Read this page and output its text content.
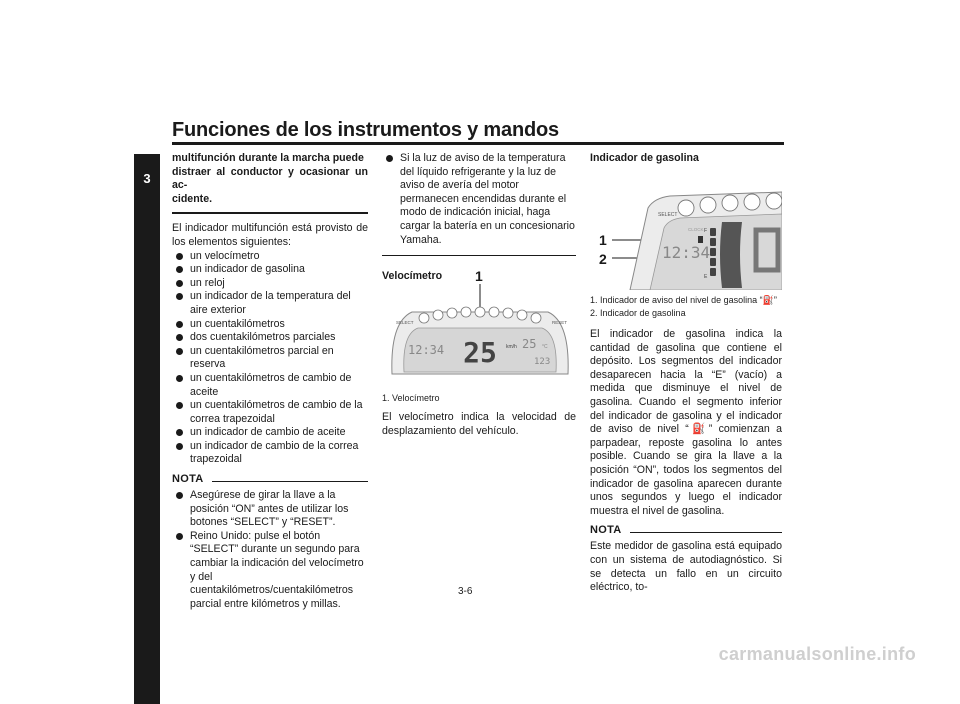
Funciones de los instrumentos y mandos
3

multifunción durante la marcha puede
distraer al conductor y ocasionar un ac-
cidente.

El indicador multifunción está provisto de los elementos siguientes:

un velocímetro
un indicador de gasolina
un reloj
un indicador de la temperatura del aire exterior
un cuentakilómetros
dos cuentakilómetros parciales
un cuentakilómetros parcial en reserva
un cuentakilómetros de cambio de aceite
un cuentakilómetros de cambio de la correa trapezoidal
un indicador de cambio de aceite
un indicador de cambio de la correa trapezoidal
NOTA
Asegúrese de girar la llave a la posición “ON” antes de utilizar los botones “SELECT” y “RESET”.
Reino Unido: pulse el botón “SELECT” durante un segundo para cambiar la indicación del velocímetro y del cuentakilómetros/cuentakilómetros parcial entre kilómetros y millas.
Si la luz de aviso de la temperatura del líquido refrigerante y la luz de aviso de avería del motor permanecen encendidas durante el modo de indicación inicial, haga cargar la batería en un concesionario Yamaha.

Velocímetro	1
SELECT	RESET
25 km/h
12:34	25 °C
123
1. Velocímetro

El velocímetro indica la velocidad de desplazamiento del vehículo.

Indicador de gasolina

1
2
SELECT
CLOCK
12:34
F
E
1. Indicador de aviso del nivel de gasolina “⛽”
2. Indicador de gasolina

El indicador de gasolina indica la cantidad de gasolina que contiene el depósito. Los segmentos del indicador desaparecen hacia la “E” (vacío) a medida que disminuye el nivel de gasolina. Cuando el segmento inferior del indicador de gasolina y el indicador de aviso de nivel “⛽” comienzan a parpadear, reposte gasolina lo antes posible. Cuando se gira la llave a la posición “ON”, todos los segmentos del indicador de gasolina aparecen durante unos segundos y luego el indicador muestra el nivel de gasolina.

NOTA

Este medidor de gasolina está equipado con un sistema de autodiagnóstico. Si se detecta un fallo en un circuito eléctrico, to-

3-6
carmanualsonline.info
